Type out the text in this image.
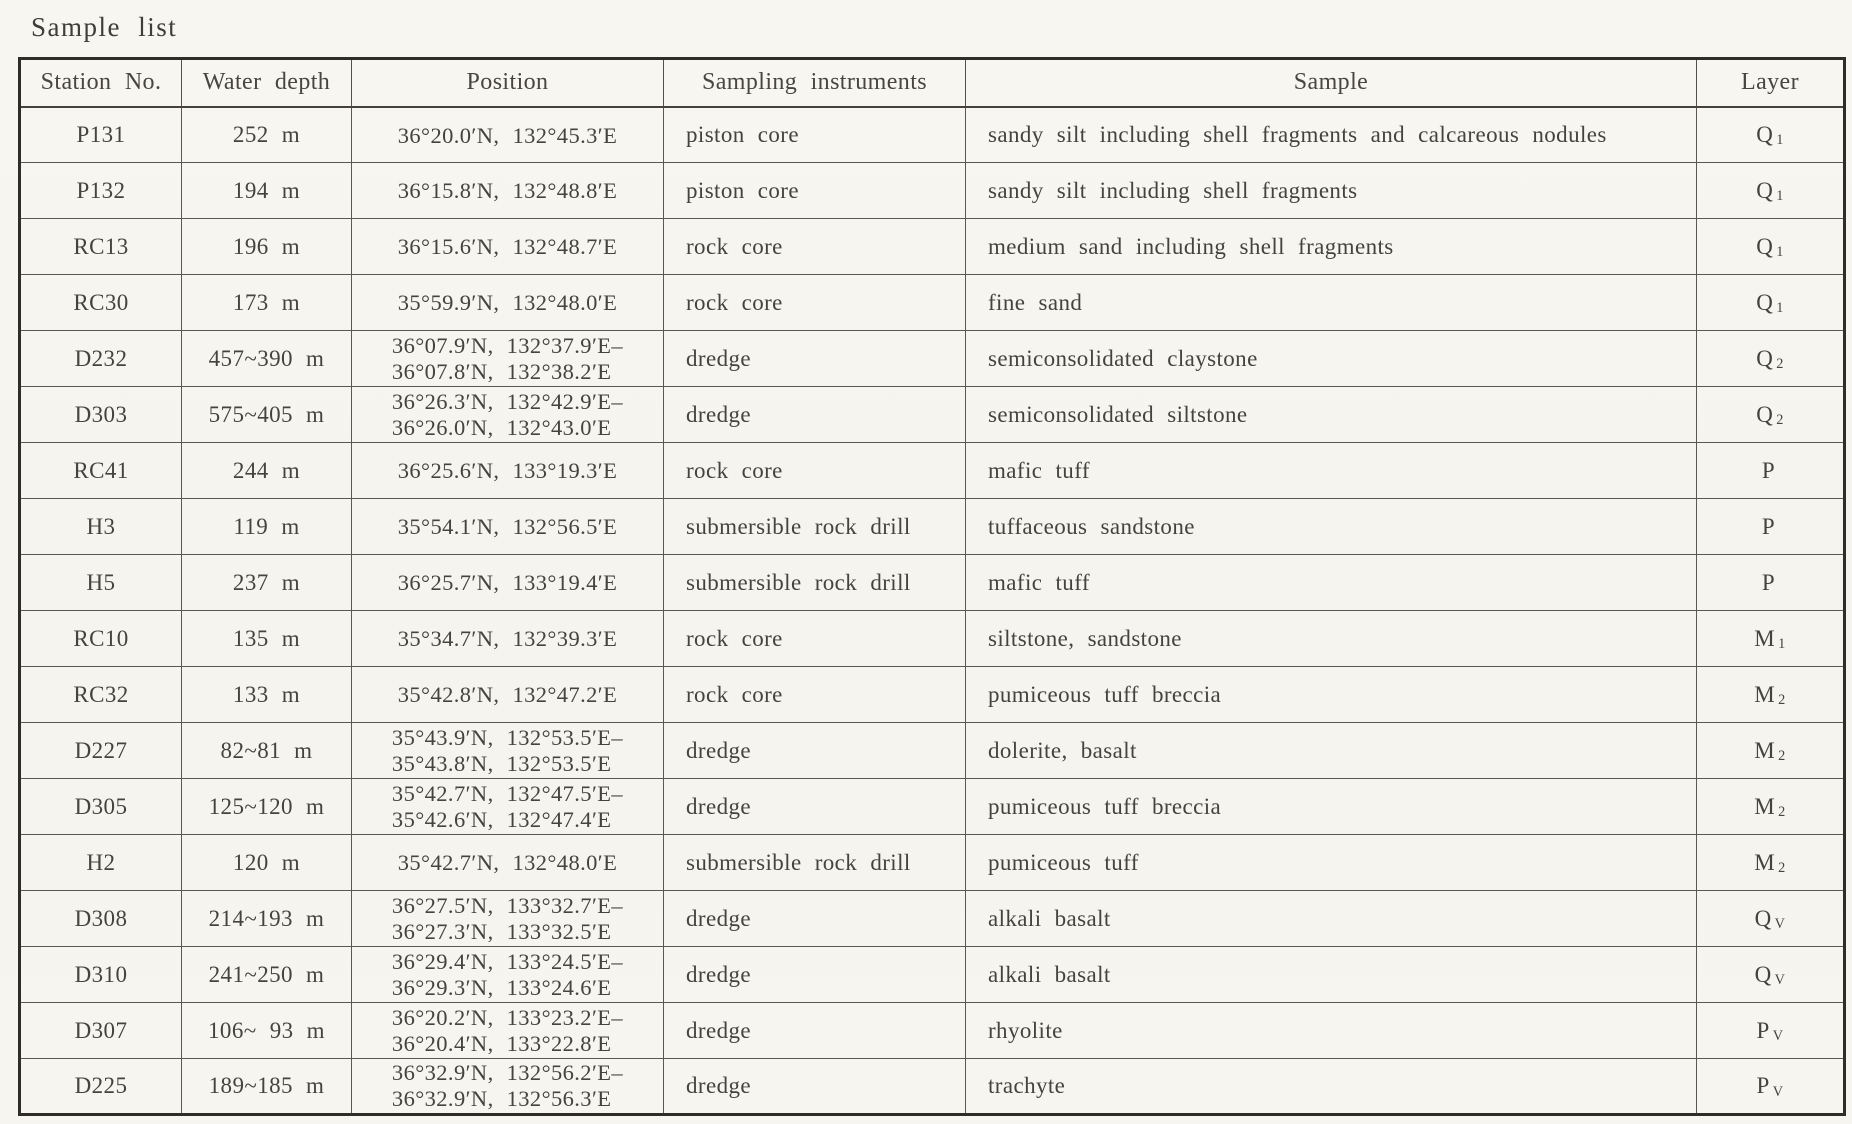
Sample list
Station No.	Water depth	Position	Sampling instruments	Sample	Layer
P131	252 m	36°20.0′N, 132°45.3′E	piston core	sandy silt including shell fragments and calcareous nodules	Q $_1$
P132	194 m	36°15.8′N, 132°48.8′E	piston core	sandy silt including shell fragments	Q $_1$
RC13	196 m	36°15.6′N, 132°48.7′E	rock core	medium sand including shell fragments	Q $_1$
RC30	173 m	35°59.9′N, 132°48.0′E	rock core	fine sand	Q $_1$
D232	457~390 m	36°07.9′N, 132°37.9′E–
36°07.8′N, 132°38.2′E	dredge	semiconsolidated claystone	Q $_2$
D303	575~405 m	36°26.3′N, 132°42.9′E–
36°26.0′N, 132°43.0′E	dredge	semiconsolidated siltstone	Q $_2$
RC41	244 m	36°25.6′N, 133°19.3′E	rock core	mafic tuff	P
H3	119 m	35°54.1′N, 132°56.5′E	submersible rock drill	tuffaceous sandstone	P
H5	237 m	36°25.7′N, 133°19.4′E	submersible rock drill	mafic tuff	P
RC10	135 m	35°34.7′N, 132°39.3′E	rock core	siltstone, sandstone	M $_1$
RC32	133 m	35°42.8′N, 132°47.2′E	rock core	pumiceous tuff breccia	M $_2$
D227	82~81 m	35°43.9′N, 132°53.5′E–
35°43.8′N, 132°53.5′E	dredge	dolerite, basalt	M $_2$
D305	125~120 m	35°42.7′N, 132°47.5′E–
35°42.6′N, 132°47.4′E	dredge	pumiceous tuff breccia	M $_2$
H2	120 m	35°42.7′N, 132°48.0′E	submersible rock drill	pumiceous tuff	M $_2$
D308	214~193 m	36°27.5′N, 133°32.7′E–
36°27.3′N, 133°32.5′E	dredge	alkali basalt	Q $_V$
D310	241~250 m	36°29.4′N, 133°24.5′E–
36°29.3′N, 133°24.6′E	dredge	alkali basalt	Q $_V$
D307	106~ 93 m	36°20.2′N, 133°23.2′E–
36°20.4′N, 133°22.8′E	dredge	rhyolite	P $_V$
D225	189~185 m	36°32.9′N, 132°56.2′E–
36°32.9′N, 132°56.3′E	dredge	trachyte	P $_V$
